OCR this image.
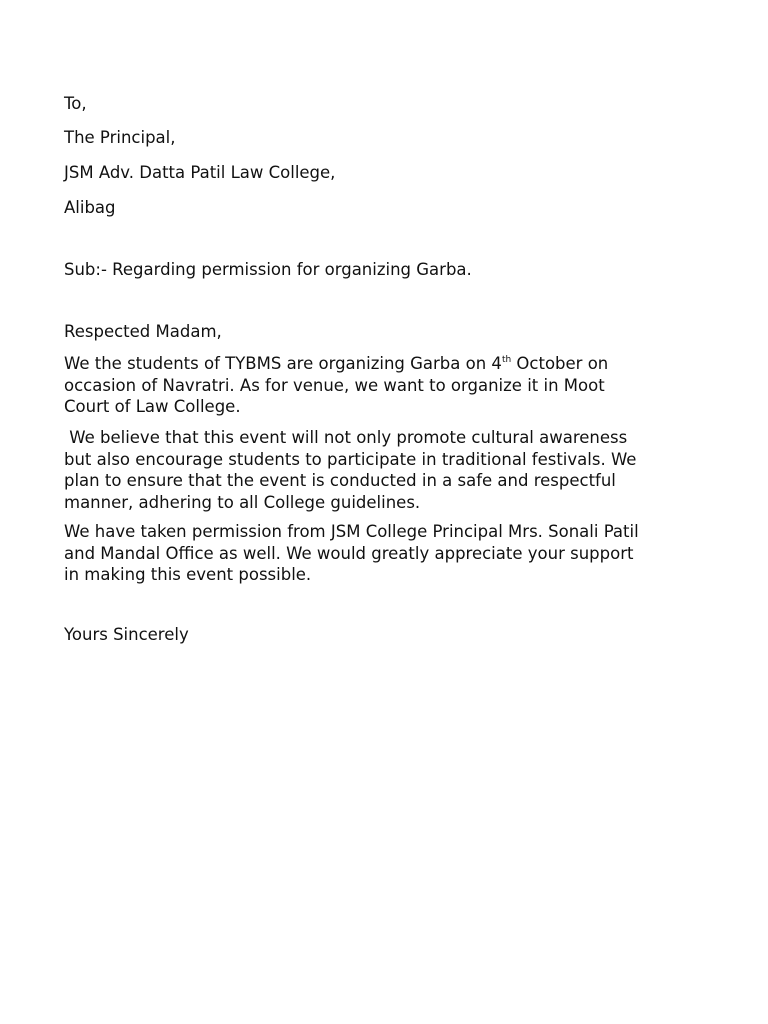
To,
The Principal,
JSM Adv. Datta Patil Law College,
Alibag
Sub:- Regarding permission for organizing Garba.
Respected Madam,
We the students of TYBMS are organizing Garba on 4th October on
occasion of Navratri. As for venue, we want to organize it in Moot
Court of Law College.
We believe that this event will not only promote cultural awareness
but also encourage students to participate in traditional festivals. We
plan to ensure that the event is conducted in a safe and respectful
manner, adhering to all College guidelines.
We have taken permission from JSM College Principal Mrs. Sonali Patil
and Mandal Office as well. We would greatly appreciate your support
in making this event possible.
Yours Sincerely
